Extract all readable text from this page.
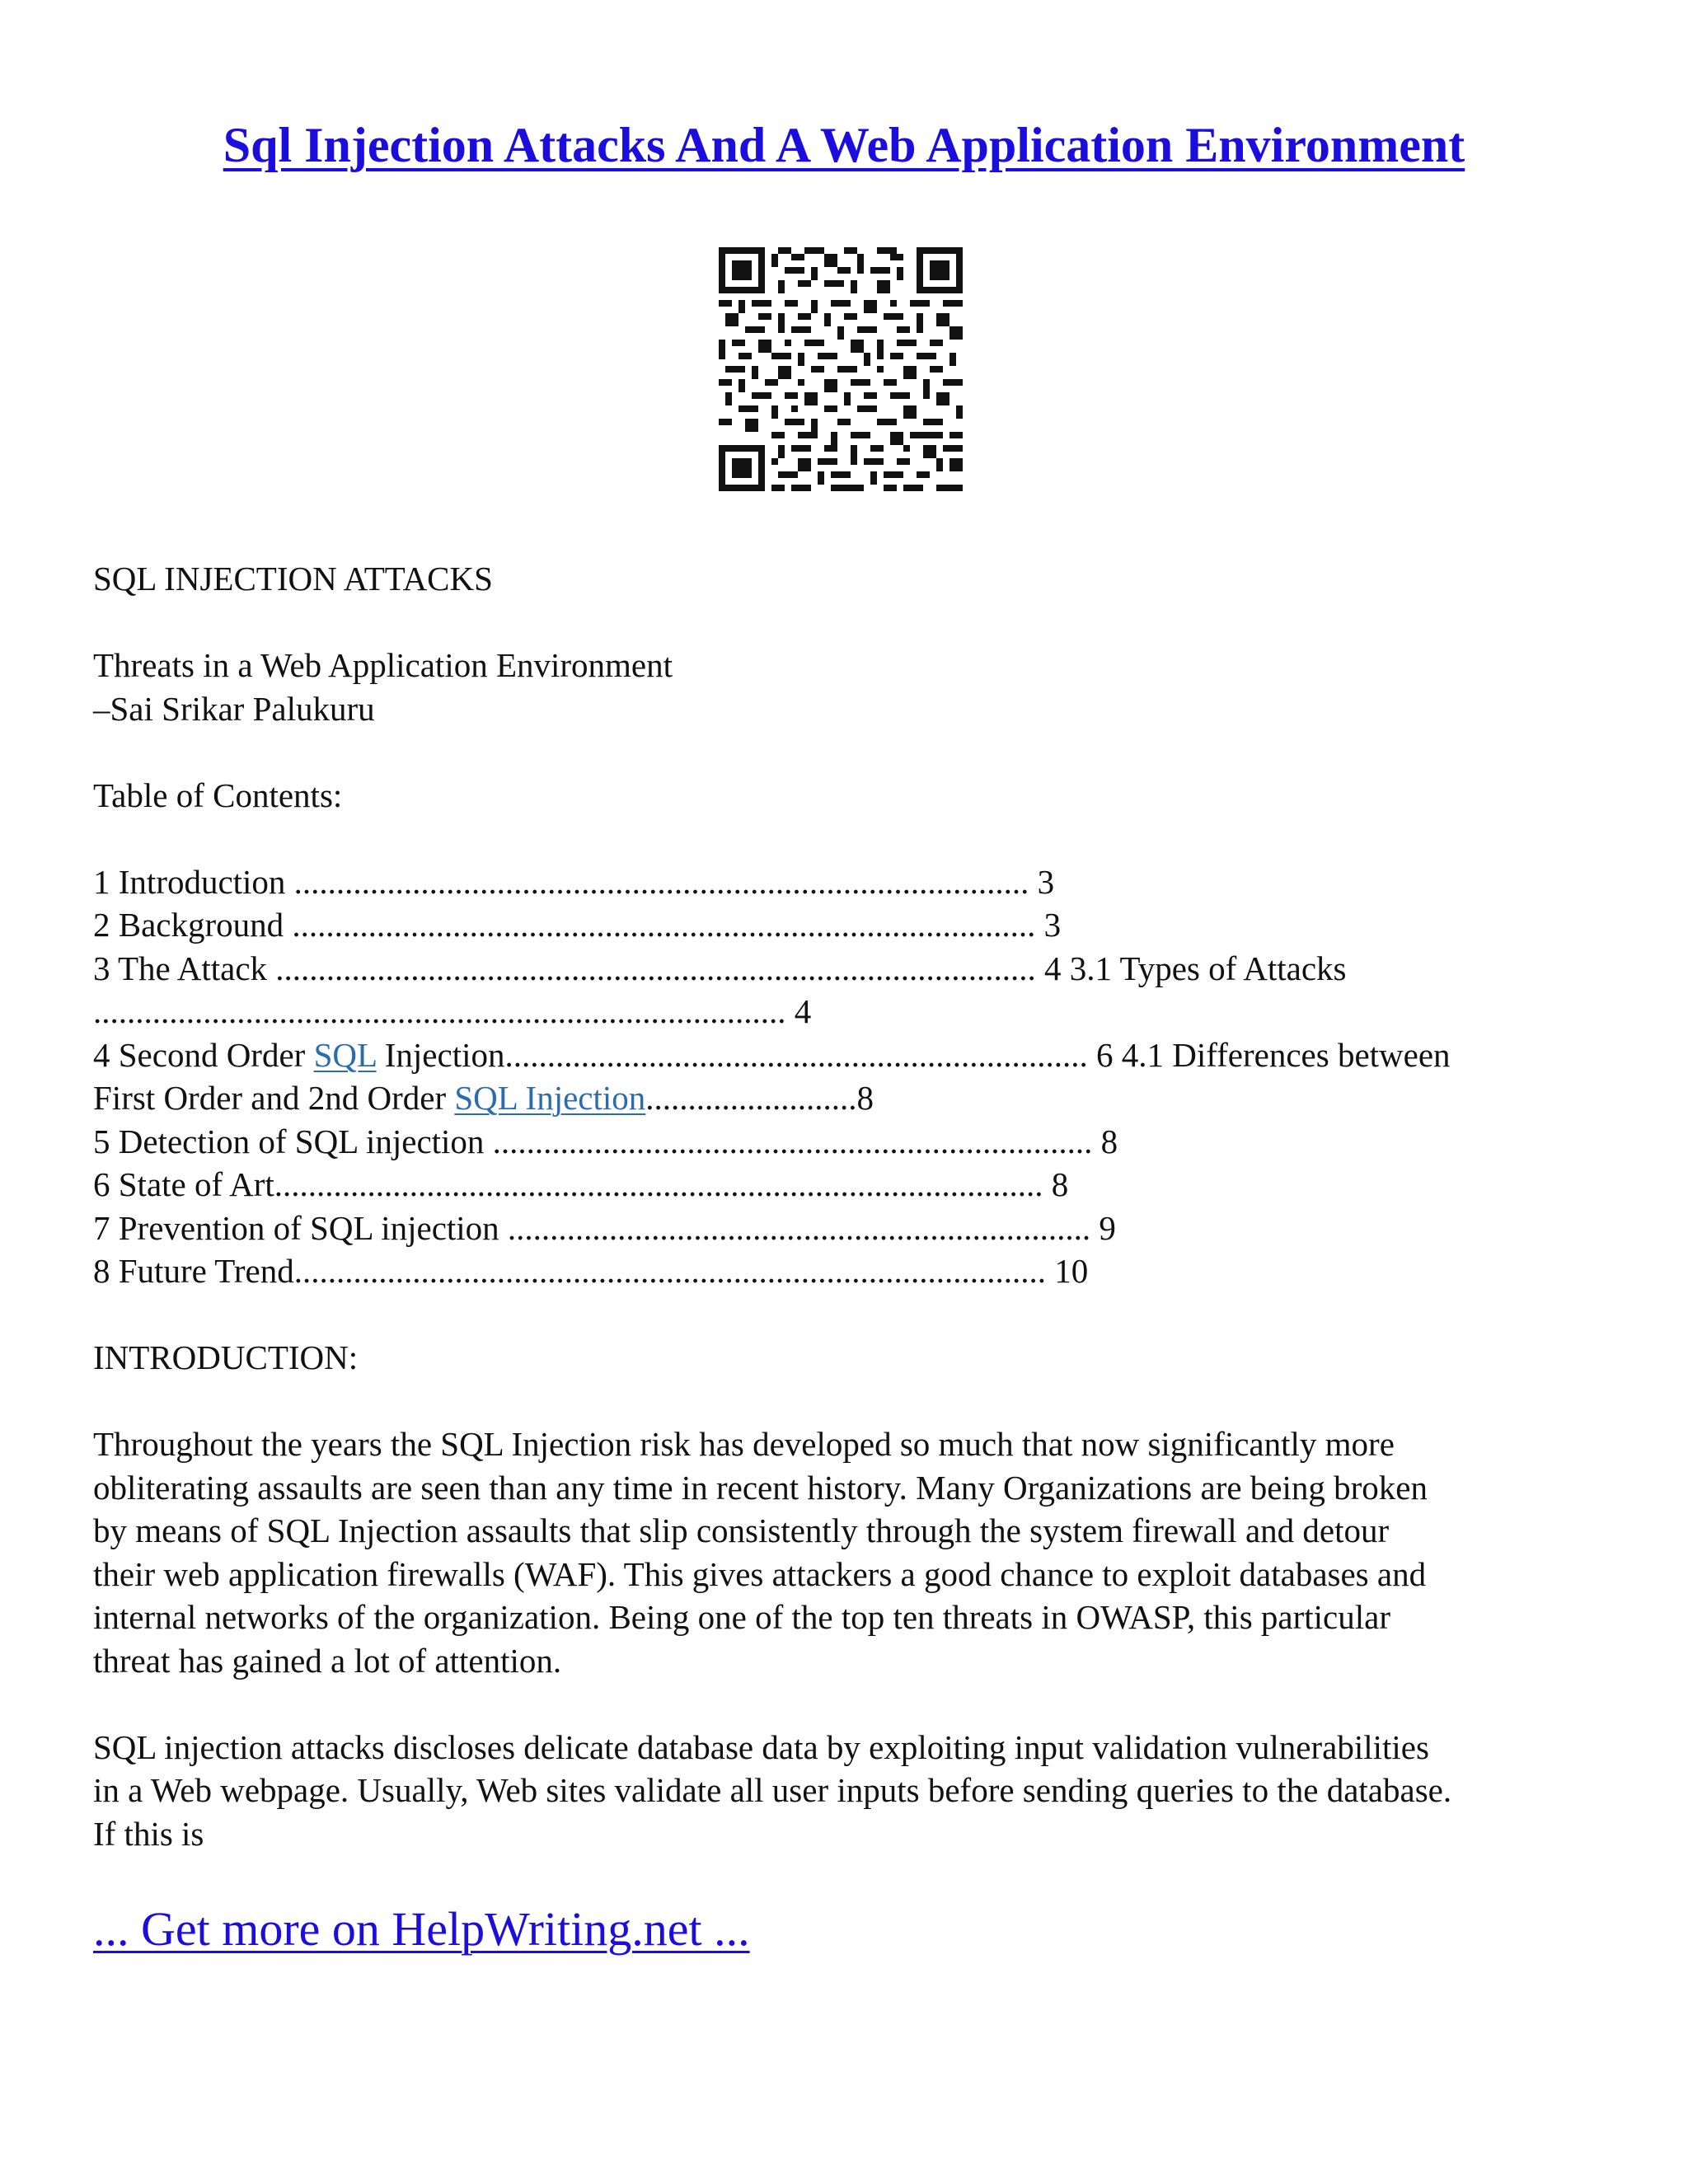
Sql Injection Attacks And A Web Application Environment

SQL INJECTION ATTACKS

Threats in a Web Application Environment

–Sai Srikar Palukuru

Table of Contents:

1 Introduction ....................................................................................... 3

2 Background ........................................................................................ 3

3 The Attack .......................................................................................... 4 3.1 Types of Attacks

.................................................................................. 4

4 Second Order SQL Injection..................................................................... 6 4.1 Differences between

First Order and 2nd Order SQL Injection.........................8

5 Detection of SQL injection ....................................................................... 8

6 State of Art........................................................................................... 8

7 Prevention of SQL injection ..................................................................... 9

8 Future Trend......................................................................................... 10

INTRODUCTION:

Throughout the years the SQL Injection risk has developed so much that now significantly more

obliterating assaults are seen than any time in recent history. Many Organizations are being broken

by means of SQL Injection assaults that slip consistently through the system firewall and detour

their web application firewalls (WAF). This gives attackers a good chance to exploit databases and

internal networks of the organization. Being one of the top ten threats in OWASP, this particular

threat has gained a lot of attention.

SQL injection attacks discloses delicate database data by exploiting input validation vulnerabilities

in a Web webpage. Usually, Web sites validate all user inputs before sending queries to the database.

If this is

... Get more on HelpWriting.net ...
